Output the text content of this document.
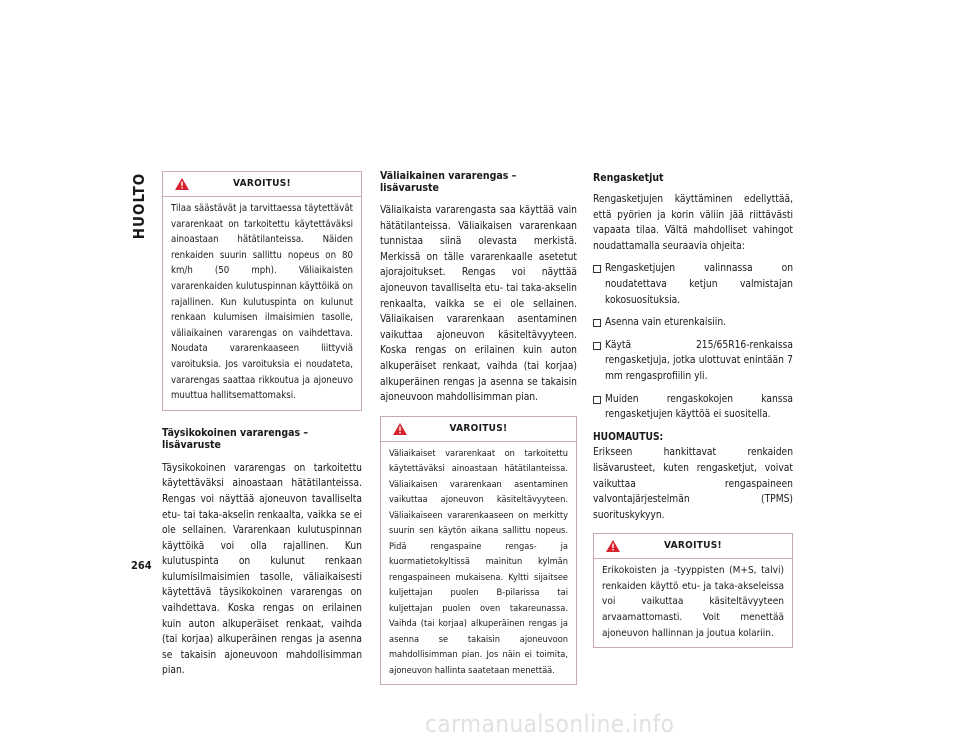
HUOLTO
264
VAROITUS!
Tilaa säästävät ja tarvittaessa täytettävät vararenkaat on tarkoitettu käytettäväksi ainoastaan hätätilanteissa. Näiden renkaiden suurin sallittu nopeus on 80 km/h (50 mph). Väliaikaisten vararenkaiden kulutuspinnan käyttöikä on rajallinen. Kun kulutuspinta on kulunut renkaan kulumisen ilmaisimien tasolle, väliaikainen vararengas on vaihdettava. Noudata vararenkaaseen liittyviä varoituksia. Jos varoituksia ei noudateta, vararengas saattaa rikkoutua ja ajoneuvo muuttua hallitsemattomaksi.
Täysikokoinen vararengas – lisävaruste

Täysikokoinen vararengas on tarkoitettu käytettäväksi ainoastaan hätätilanteissa. Rengas voi näyttää ajoneuvon tavalliselta etu- tai taka-akselin renkaalta, vaikka se ei ole sellainen. Vararenkaan kulutuspinnan käyttöikä voi olla rajallinen. Kun kulutuspinta on kulunut renkaan kulumisilmaisimien tasolle, väliaikaisesti käytettävä täysikokoinen vararengas on vaihdettava. Koska rengas on erilainen kuin auton alkuperäiset renkaat, vaihda (tai korjaa) alkuperäinen rengas ja asenna se takaisin ajoneuvoon mahdollisimman pian.

Väliaikainen vararengas – lisävaruste

Väliaikaista vararengasta saa käyttää vain hätätilanteissa. Väliaikaisen vararenkaan tunnistaa siinä olevasta merkistä. Merkissä on tälle vararenkaalle asetetut ajorajoitukset. Rengas voi näyttää ajoneuvon tavalliselta etu- tai taka-akselin renkaalta, vaikka se ei ole sellainen. Väliaikaisen vararenkaan asentaminen vaikuttaa ajoneuvon käsiteltävyyteen. Koska rengas on erilainen kuin auton alkuperäiset renkaat, vaihda (tai korjaa) alkuperäinen rengas ja asenna se takaisin ajoneuvoon mahdollisimman pian.

VAROITUS!
Väliaikaiset vararenkaat on tarkoitettu käytettäväksi ainoastaan hätätilanteissa. Väliaikaisen vararenkaan asentaminen vaikuttaa ajoneuvon käsiteltävyyteen. Väliaikaiseen vararenkaaseen on merkitty suurin sen käytön aikana sallittu nopeus. Pidä rengaspaine rengas- ja kuormatietokyltissä mainitun kylmän rengaspaineen mukaisena. Kyltti sijaitsee kuljettajan puolen B-pilarissa tai kuljettajan puolen oven takareunassa. Vaihda (tai korjaa) alkuperäinen rengas ja asenna se takaisin ajoneuvoon mahdollisimman pian. Jos näin ei toimita, ajoneuvon hallinta saatetaan menettää.
Rengasketjut

Rengasketjujen käyttäminen edellyttää, että pyörien ja korin väliin jää riittävästi vapaata tilaa. Vältä mahdolliset vahingot noudattamalla seuraavia ohjeita:

Rengasketjujen valinnassa on noudatettava ketjun valmistajan kokosuosituksia.
Asenna vain eturenkaisiin.
Käytä 215/65R16-renkaissa rengasketjuja, jotka ulottuvat enintään 7 mm rengasprofiilin yli.
Muiden rengaskokojen kanssa rengasketjujen käyttöä ei suositella.
HUOMAUTUS:

Erikseen hankittavat renkaiden lisävarusteet, kuten rengasketjut, voivat vaikuttaa rengaspaineen valvontajärjestelmän (TPMS) suorituskykyyn.

VAROITUS!
Erikokoisten ja -tyyppisten (M+S, talvi) renkaiden käyttö etu- ja taka-akseleissa voi vaikuttaa käsiteltävyyteen arvaamattomasti. Voit menettää ajoneuvon hallinnan ja joutua kolariin.
carmanualsonline.info
